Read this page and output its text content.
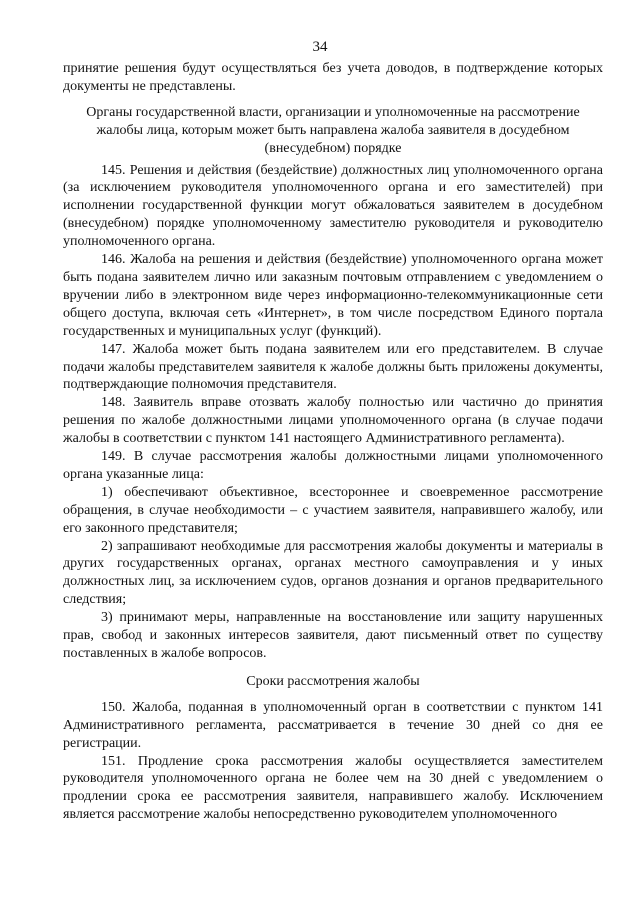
34

принятие решения будут осуществляться без учета доводов, в подтверждение которых документы не представлены.

Органы государственной власти, организации и уполномоченные на рассмотрение жалобы лица, которым может быть направлена жалоба заявителя в досудебном (внесудебном) порядке

145. Решения и действия (бездействие) должностных лиц уполномоченного органа (за исключением руководителя уполномоченного органа и его заместителей) при исполнении государственной функции могут обжаловаться заявителем в досудебном (внесудебном) порядке уполномоченному заместителю руководителя и руководителю уполномоченного органа.

146. Жалоба на решения и действия (бездействие) уполномоченного органа может быть подана заявителем лично или заказным почтовым отправлением с уведомлением о вручении либо в электронном виде через информационно-телекоммуникационные сети общего доступа, включая сеть «Интернет», в том числе посредством Единого портала государственных и муниципальных услуг (функций).

147. Жалоба может быть подана заявителем или его представителем. В случае подачи жалобы представителем заявителя к жалобе должны быть приложены документы, подтверждающие полномочия представителя.

148. Заявитель вправе отозвать жалобу полностью или частично до принятия решения по жалобе должностными лицами уполномоченного органа (в случае подачи жалобы в соответствии с пунктом 141 настоящего Административного регламента).

149. В случае рассмотрения жалобы должностными лицами уполномоченного органа указанные лица:

1) обеспечивают объективное, всестороннее и своевременное рассмотрение обращения, в случае необходимости – с участием заявителя, направившего жалобу, или его законного представителя;

2) запрашивают необходимые для рассмотрения жалобы документы и материалы в других государственных органах, органах местного самоуправления и у иных должностных лиц, за исключением судов, органов дознания и органов предварительного следствия;

3) принимают меры, направленные на восстановление или защиту нарушенных прав, свобод и законных интересов заявителя, дают письменный ответ по существу поставленных в жалобе вопросов.

Сроки рассмотрения жалобы

150. Жалоба, поданная в уполномоченный орган в соответствии с пунктом 141 Административного регламента, рассматривается в течение 30 дней со дня ее регистрации.

151. Продление срока рассмотрения жалобы осуществляется заместителем руководителя уполномоченного органа не более чем на 30 дней с уведомлением о продлении срока ее рассмотрения заявителя, направившего жалобу. Исключением является рассмотрение жалобы непосредственно руководителем уполномоченного
